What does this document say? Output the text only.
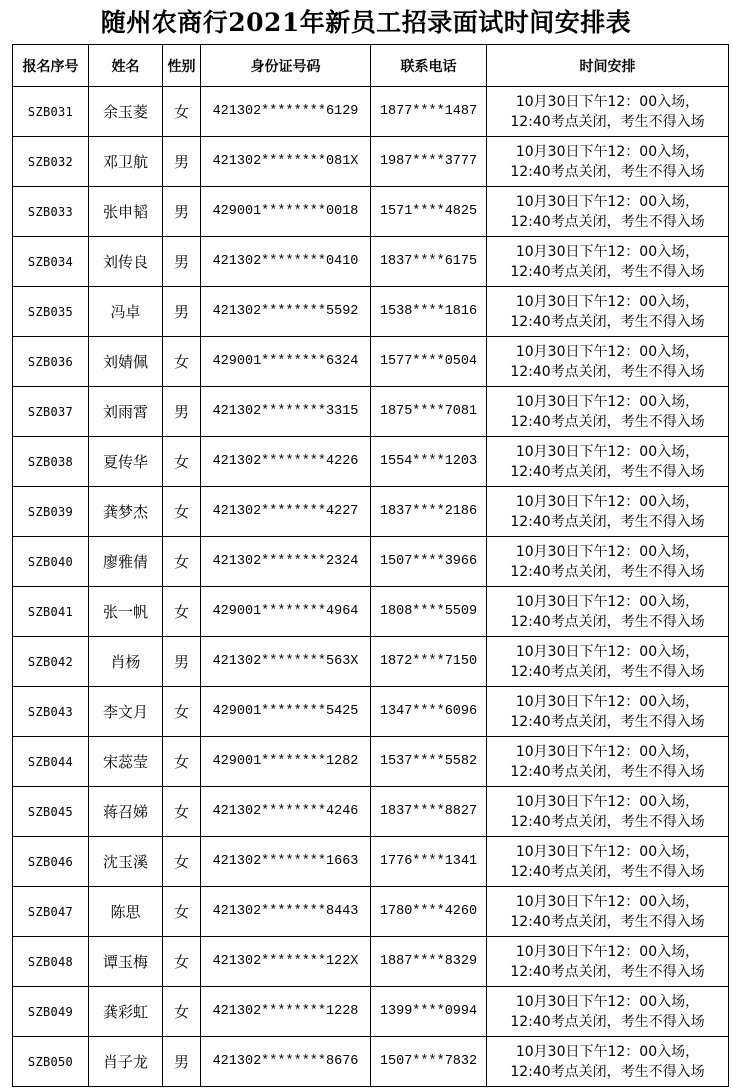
随州农商行2021年新员工招录面试时间安排表
报名序号	姓名	性别	身份证号码	联系电话	时间安排
SZB031	余玉菱	女	421302********6129	1877****1487	10月30日下午12：00入场，
12:40考点关闭，考生不得入场

SZB032	邓卫航	男	421302********081X	1987****3777	10月30日下午12：00入场，
12:40考点关闭，考生不得入场

SZB033	张申韬	男	429001********0018	1571****4825	10月30日下午12：00入场，
12:40考点关闭，考生不得入场

SZB034	刘传良	男	421302********0410	1837****6175	10月30日下午12：00入场，
12:40考点关闭，考生不得入场

SZB035	冯卓	男	421302********5592	1538****1816	10月30日下午12：00入场，
12:40考点关闭，考生不得入场

SZB036	刘婧佩	女	429001********6324	1577****0504	10月30日下午12：00入场，
12:40考点关闭，考生不得入场

SZB037	刘雨霄	男	421302********3315	1875****7081	10月30日下午12：00入场，
12:40考点关闭，考生不得入场

SZB038	夏传华	女	421302********4226	1554****1203	10月30日下午12：00入场，
12:40考点关闭，考生不得入场

SZB039	龚梦杰	女	421302********4227	1837****2186	10月30日下午12：00入场，
12:40考点关闭，考生不得入场

SZB040	廖雅倩	女	421302********2324	1507****3966	10月30日下午12：00入场，
12:40考点关闭，考生不得入场

SZB041	张一帆	女	429001********4964	1808****5509	10月30日下午12：00入场，
12:40考点关闭，考生不得入场

SZB042	肖杨	男	421302********563X	1872****7150	10月30日下午12：00入场，
12:40考点关闭，考生不得入场

SZB043	李文月	女	429001********5425	1347****6096	10月30日下午12：00入场，
12:40考点关闭，考生不得入场

SZB044	宋蕊莹	女	429001********1282	1537****5582	10月30日下午12：00入场，
12:40考点关闭，考生不得入场

SZB045	蒋召娣	女	421302********4246	1837****8827	10月30日下午12：00入场，
12:40考点关闭，考生不得入场

SZB046	沈玉溪	女	421302********1663	1776****1341	10月30日下午12：00入场，
12:40考点关闭，考生不得入场

SZB047	陈思	女	421302********8443	1780****4260	10月30日下午12：00入场，
12:40考点关闭，考生不得入场

SZB048	谭玉梅	女	421302********122X	1887****8329	10月30日下午12：00入场，
12:40考点关闭，考生不得入场

SZB049	龚彩虹	女	421302********1228	1399****0994	10月30日下午12：00入场，
12:40考点关闭，考生不得入场

SZB050	肖子龙	男	421302********8676	1507****7832	10月30日下午12：00入场，
12:40考点关闭，考生不得入场
